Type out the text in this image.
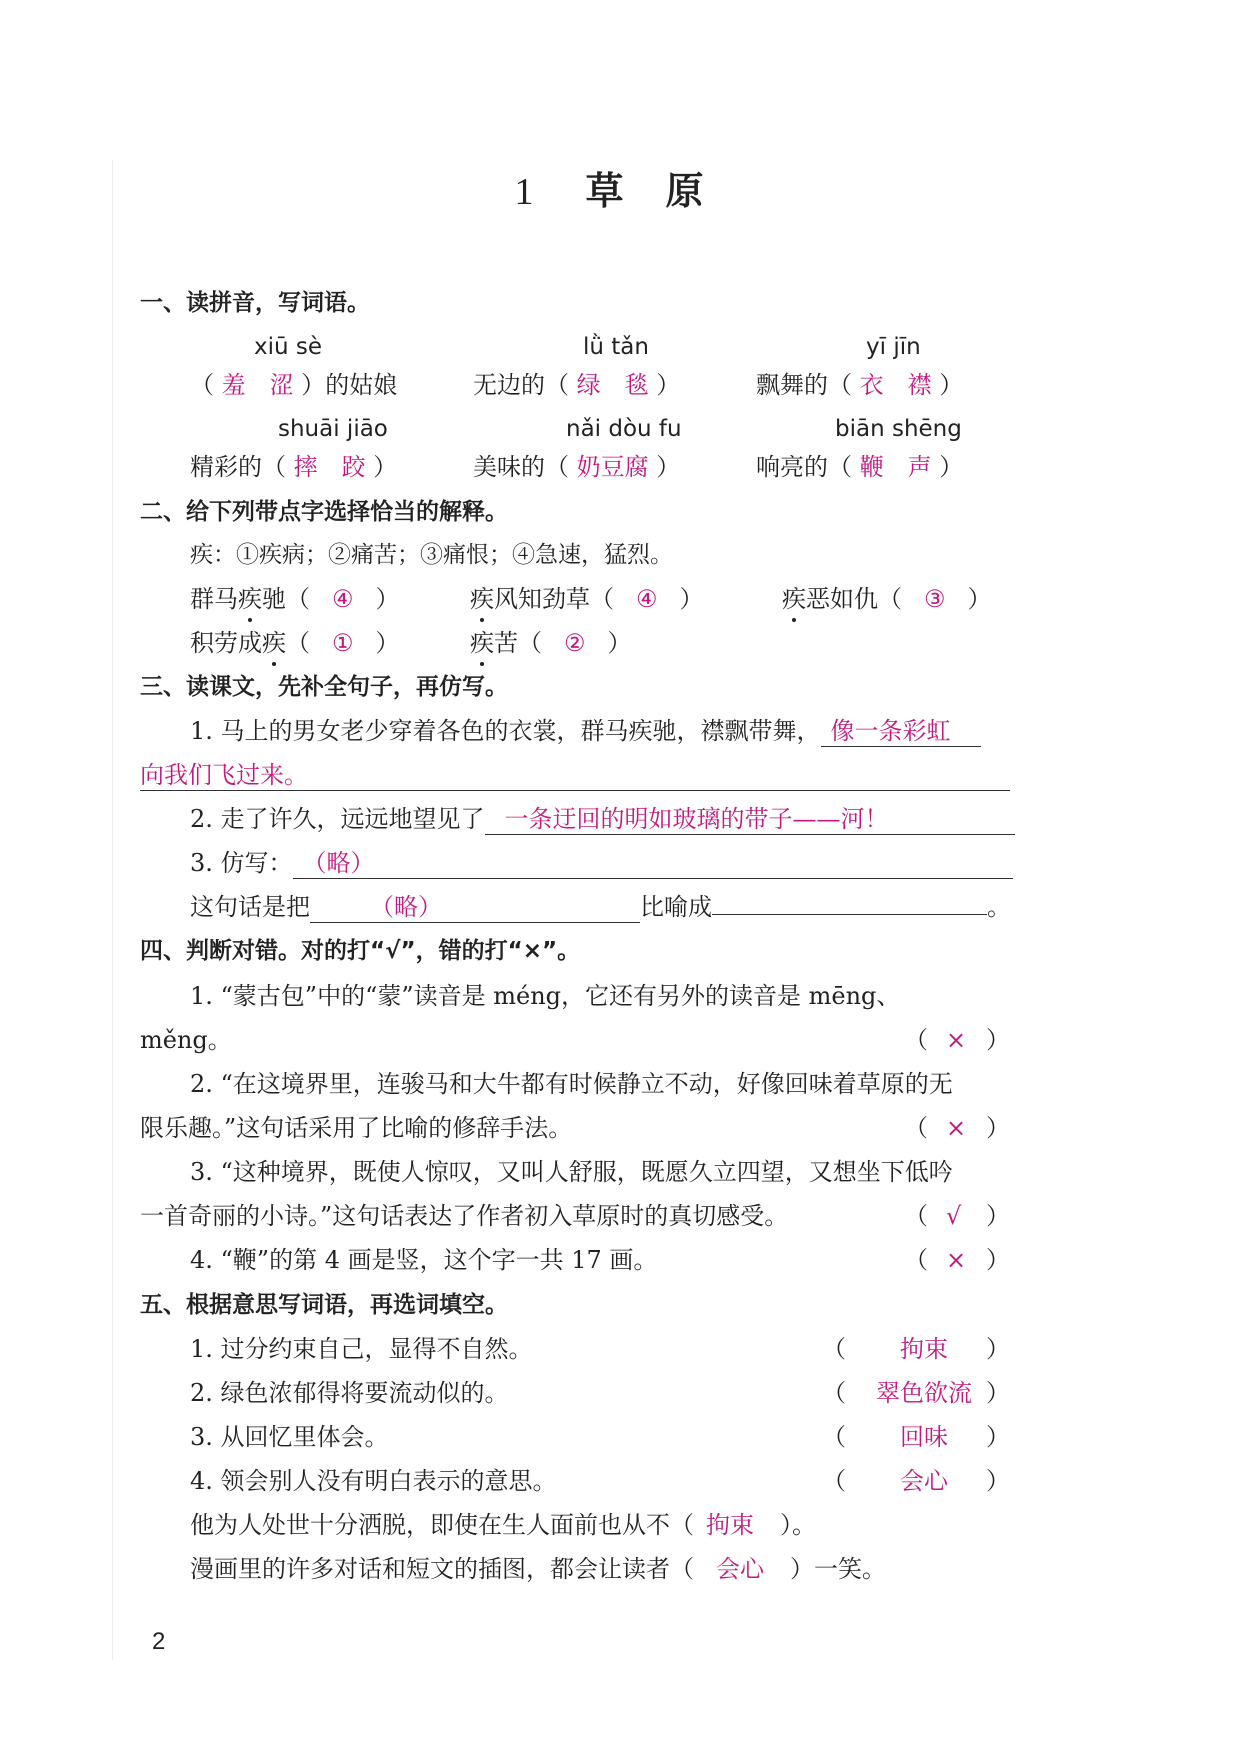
1 草 原
一、读拼音，写词语。
xiū sè	lǜ tǎn	yī jīn
（ 羞　涩 ）的姑娘	无边的（ 绿　毯 ）	飘舞的（ 衣　襟 ）
shuāi jiāo	nǎi dòu fu	biān shēng
精彩的（ 摔　跤 ）	美味的（ 奶豆腐 ）	响亮的（ 鞭　声 ）
二、给下列带点字选择恰当的解释。
疾：①疾病；②痛苦；③痛恨；④急速，猛烈。
群马疾驰（ ④ ）	疾风知劲草（ ④ ）	疾恶如仇（ ③ ）
积劳成疾（ ① ）	疾苦（ ② ）
三、读课文，先补全句子，再仿写。
1. 马上的男女老少穿着各色的衣裳，群马疾驰，襟飘带舞， 像一条彩虹
向我们飞过来。
2. 走了许久，远远地望见了 一条迂回的明如玻璃的带子——河！
3. 仿写： （略）
这句话是把	（略）	比喻成	。
四、判断对错。对的打“√”，错的打“×”。
1. “蒙古包”中的“蒙”读音是 méng，它还有另外的读音是 mēng、
měng。	（ × ）
2. “在这境界里，连骏马和大牛都有时候静立不动，好像回味着草原的无
限乐趣。”这句话采用了比喻的修辞手法。	（ × ）
3. “这种境界，既使人惊叹，又叫人舒服，既愿久立四望，又想坐下低吟
一首奇丽的小诗。”这句话表达了作者初入草原时的真切感受。	（ √ ）
4. “鞭”的第 4 画是竖，这个字一共 17 画。	（ × ）
五、根据意思写词语，再选词填空。
1. 过分约束自己，显得不自然。	（	拘束	）
2. 绿色浓郁得将要流动似的。	（	翠色欲流 ）
3. 从回忆里体会。	（	回味	）
4. 领会别人没有明白表示的意思。	（	会心	）
他为人处世十分洒脱，即使在生人面前也从不（ 拘束 ）。
漫画里的许多对话和短文的插图，都会让读者（ 会心 ）一笑。
2
